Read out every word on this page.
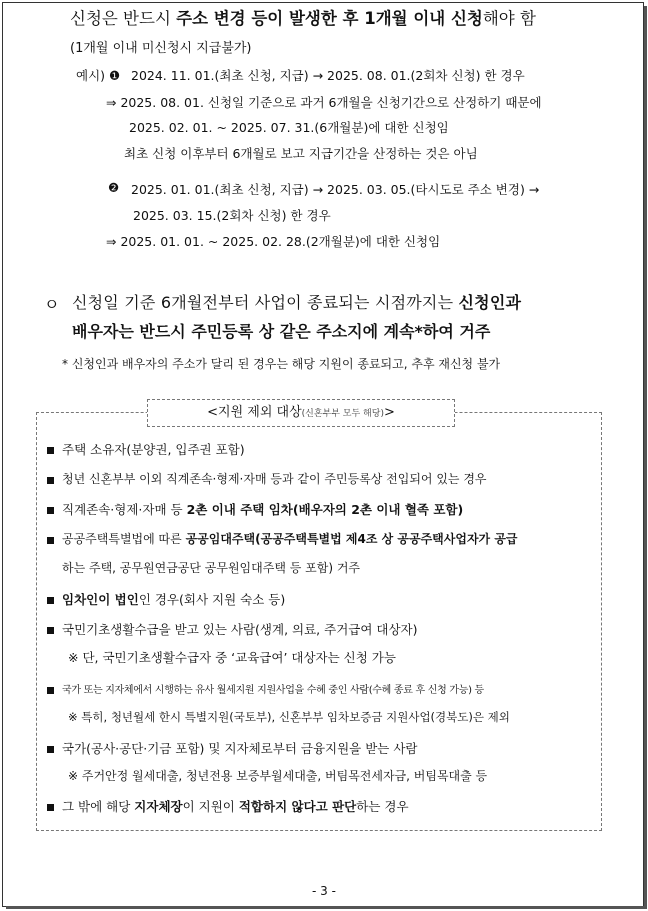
신청은 반드시 주소 변경 등이 발생한 후 1개월 이내 신청해야 함
(1개월 이내 미신청시 지급불가)
예시) ❶ 2024. 11. 01.(최초 신청, 지급) → 2025. 08. 01.(2회차 신청) 한 경우
⇒ 2025. 08. 01. 신청일 기준으로 과거 6개월을 신청기간으로 산정하기 때문에
2025. 02. 01. ~ 2025. 07. 31.(6개월분)에 대한 신청임
최초 신청 이후부터 6개월로 보고 지급기간을 산정하는 것은 아님
❷ 2025. 01. 01.(최초 신청, 지급) → 2025. 03. 05.(타시도로 주소 변경) →
2025. 03. 15.(2회차 신청) 한 경우
⇒ 2025. 01. 01. ~ 2025. 02. 28.(2개월분)에 대한 신청임
ㅇ 신청일 기준 6개월전부터 사업이 종료되는 시점까지는 신청인과
배우자는 반드시 주민등록 상 같은 주소지에 계속*하여 거주
* 신청인과 배우자의 주소가 달리 된 경우는 해당 지원이 종료되고, 추후 재신청 불가
<지원 제외 대상(신혼부부 모두 해당)>
주택 소유자(분양권, 입주권 포함)
청년 신혼부부 이외 직계존속·형제·자매 등과 같이 주민등록상 전입되어 있는 경우
직계존속·형제·자매 등 2촌 이내 주택 임차(배우자의 2촌 이내 혈족 포함)
공공주택특별법에 따른 공공임대주택(공공주택특별법 제4조 상 공공주택사업자가 공급
하는 주택, 공무원연금공단 공무원임대주택 등 포함) 거주
임차인이 법인인 경우(회사 지원 숙소 등)
국민기초생활수급을 받고 있는 사람(생계, 의료, 주거급여 대상자)
※ 단, 국민기초생활수급자 중 ‘교육급여’ 대상자는 신청 가능
국가 또는 지자체에서 시행하는 유사 월세지원 지원사업을 수혜 중인 사람(수혜 종료 후 신청 가능) 등
※ 특히, 청년월세 한시 특별지원(국토부), 신혼부부 임차보증금 지원사업(경북도)은 제외
국가(공사·공단·기금 포함) 및 지자체로부터 금융지원을 받는 사람
※ 주거안정 월세대출, 청년전용 보증부월세대출, 버팀목전세자금, 버팀목대출 등
그 밖에 해당 지자체장이 지원이 적합하지 않다고 판단하는 경우
- 3 -
